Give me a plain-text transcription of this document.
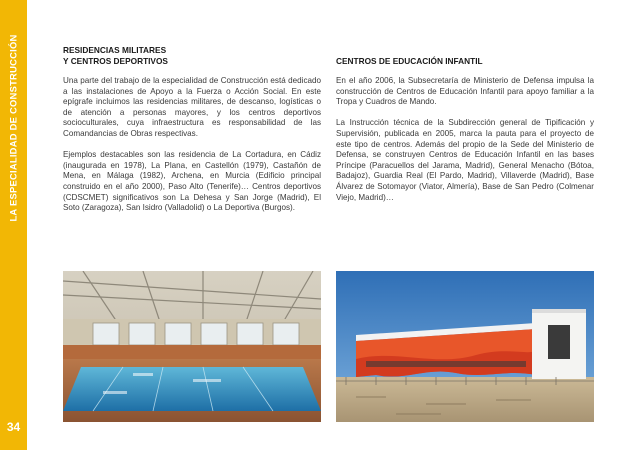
LA ESPECIALIDAD DE CONSTRUCCIÓN
34
RESIDENCIAS MILITARES
Y CENTROS DEPORTIVOS

Una parte del trabajo de la especialidad de Construcción está dedicado a las instalaciones de Apoyo a la Fuerza o Acción Social. En este epígrafe incluimos las residencias militares, de descanso, logísticas o de atención a personas mayores, y los centros deportivos socioculturales, cuya infraestructura es responsabilidad de las Comandancias de Obras respectivas.

Ejemplos destacables son las residencia de La Cortadura, en Cádiz (inaugurada en 1978), La Plana, en Castellón (1979), Castañón de Mena, en Málaga (1982), Archena, en Murcia (Edificio principal construido en el año 2000), Paso Alto (Tenerife)… Centros deportivos (CDSCMET) significativos son La Dehesa y San Jorge (Madrid), El Soto (Zaragoza), San Isidro (Valladolid) o La Deportiva (Burgos).

CENTROS DE EDUCACIÓN INFANTIL

En el año 2006, la Subsecretaría de Ministerio de Defensa impulsa la construcción de Centros de Educación Infantil para apoyo familiar a la Tropa y Cuadros de Mando.

La Instrucción técnica de la Subdirección general de Tipificación y Supervisión, publicada en 2005, marca la pauta para el proyecto de este tipo de centros. Además del propio de la Sede del Ministerio de Defensa, se construyen Centros de Educación Infantil en las bases Príncipe (Paracuellos del Jarama, Madrid), General Menacho (Bótoa, Badajoz), Guardia Real (El Pardo, Madrid), Villaverde (Madrid), Base Álvarez de Sotomayor (Viator, Almería), Base de San Pedro (Colmenar Viejo, Madrid)…
